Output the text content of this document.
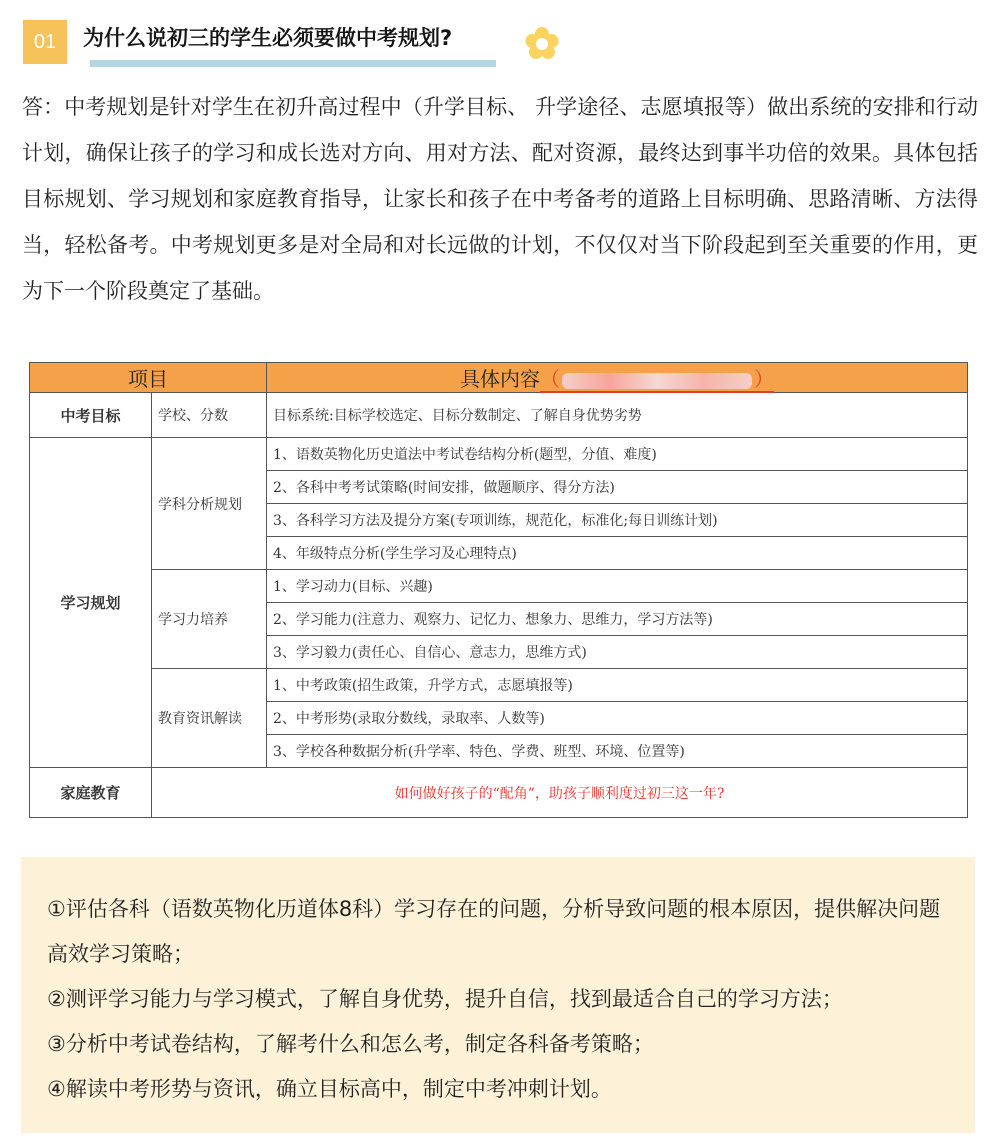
01	为什么说初三的学生必须要做中考规划?

答：中考规划是针对学生在初升高过程中（升学目标、 升学途径、志愿填报等）做出系统的安排和行动计划，确保让孩子的学习和成长选对方向、用对方法、配对资源，最终达到事半功倍的效果。具体包括目标规划、学习规划和家庭教育指导，让家长和孩子在中考备考的道路上目标明确、思路清晰、方法得当，轻松备考。中考规划更多是对全局和对长远做的计划，不仅仅对当下阶段起到至关重要的作用，更为下一个阶段奠定了基础。

项目		具体内容（ ）
中考目标	学校、分数	目标系统:目标学校选定、目标分数制定、了解自身优势劣势
学习规划	学科分析规划	1、语数英物化历史道法中考试卷结构分析(题型，分值、难度)
		2、各科中考考试策略(时间安排，做题顺序、得分方法)
		3、各科学习方法及提分方案(专项训练，规范化，标准化;每日训练计划)
		4、年级特点分析(学生学习及心理特点)
	学习力培养	1、学习动力(目标、兴趣)
		2、学习能力(注意力、观察力、记忆力、想象力、思维力，学习方法等)
		3、学习毅力(责任心、自信心、意志力，思维方式)
	教育资讯解读	1、中考政策(招生政策，升学方式，志愿填报等)
		2、中考形势(录取分数线，录取率、人数等)
		3、学校各种数据分析(升学率、特色、学费、班型、环境、位置等)
家庭教育	如何做好孩子的“配角”，助孩子顺利度过初三这一年?	
①评估各科（语数英物化历道体8科）学习存在的问题，分析导致问题的根本原因，提供解决问题高效学习策略；
②测评学习能力与学习模式，了解自身优势，提升自信，找到最适合自己的学习方法；
③分析中考试卷结构，了解考什么和怎么考，制定各科备考策略；
④解读中考形势与资讯，确立目标高中，制定中考冲刺计划。
